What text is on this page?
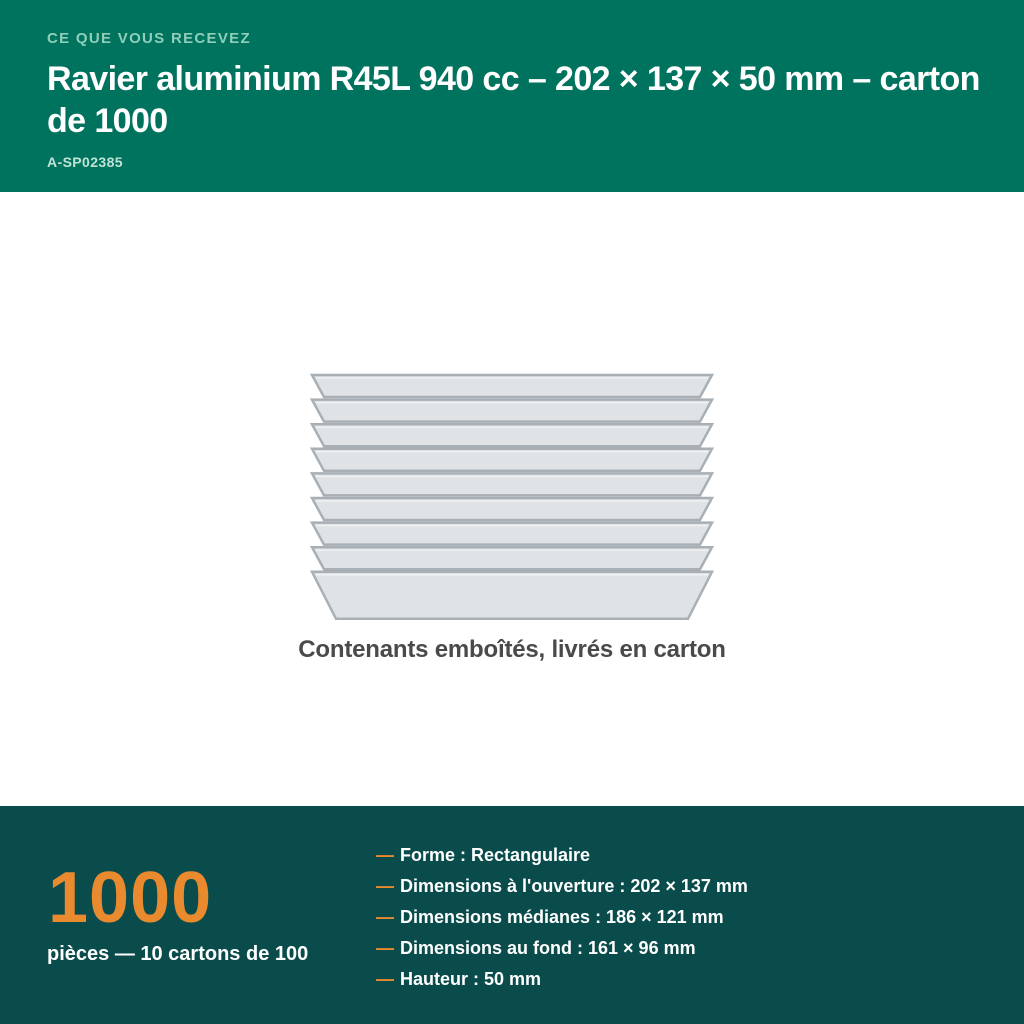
CE QUE VOUS RECEVEZ

Ravier aluminium R45L 940 cc – 202 × 137 × 50 mm – carton de 1000

A-SP02385

Contenants emboîtés, livrés en carton
1000
pièces — 10 cartons de 100
— Forme : Rectangulaire
— Dimensions à l'ouverture : 202 × 137 mm
— Dimensions médianes : 186 × 121 mm
— Dimensions au fond : 161 × 96 mm
— Hauteur : 50 mm
